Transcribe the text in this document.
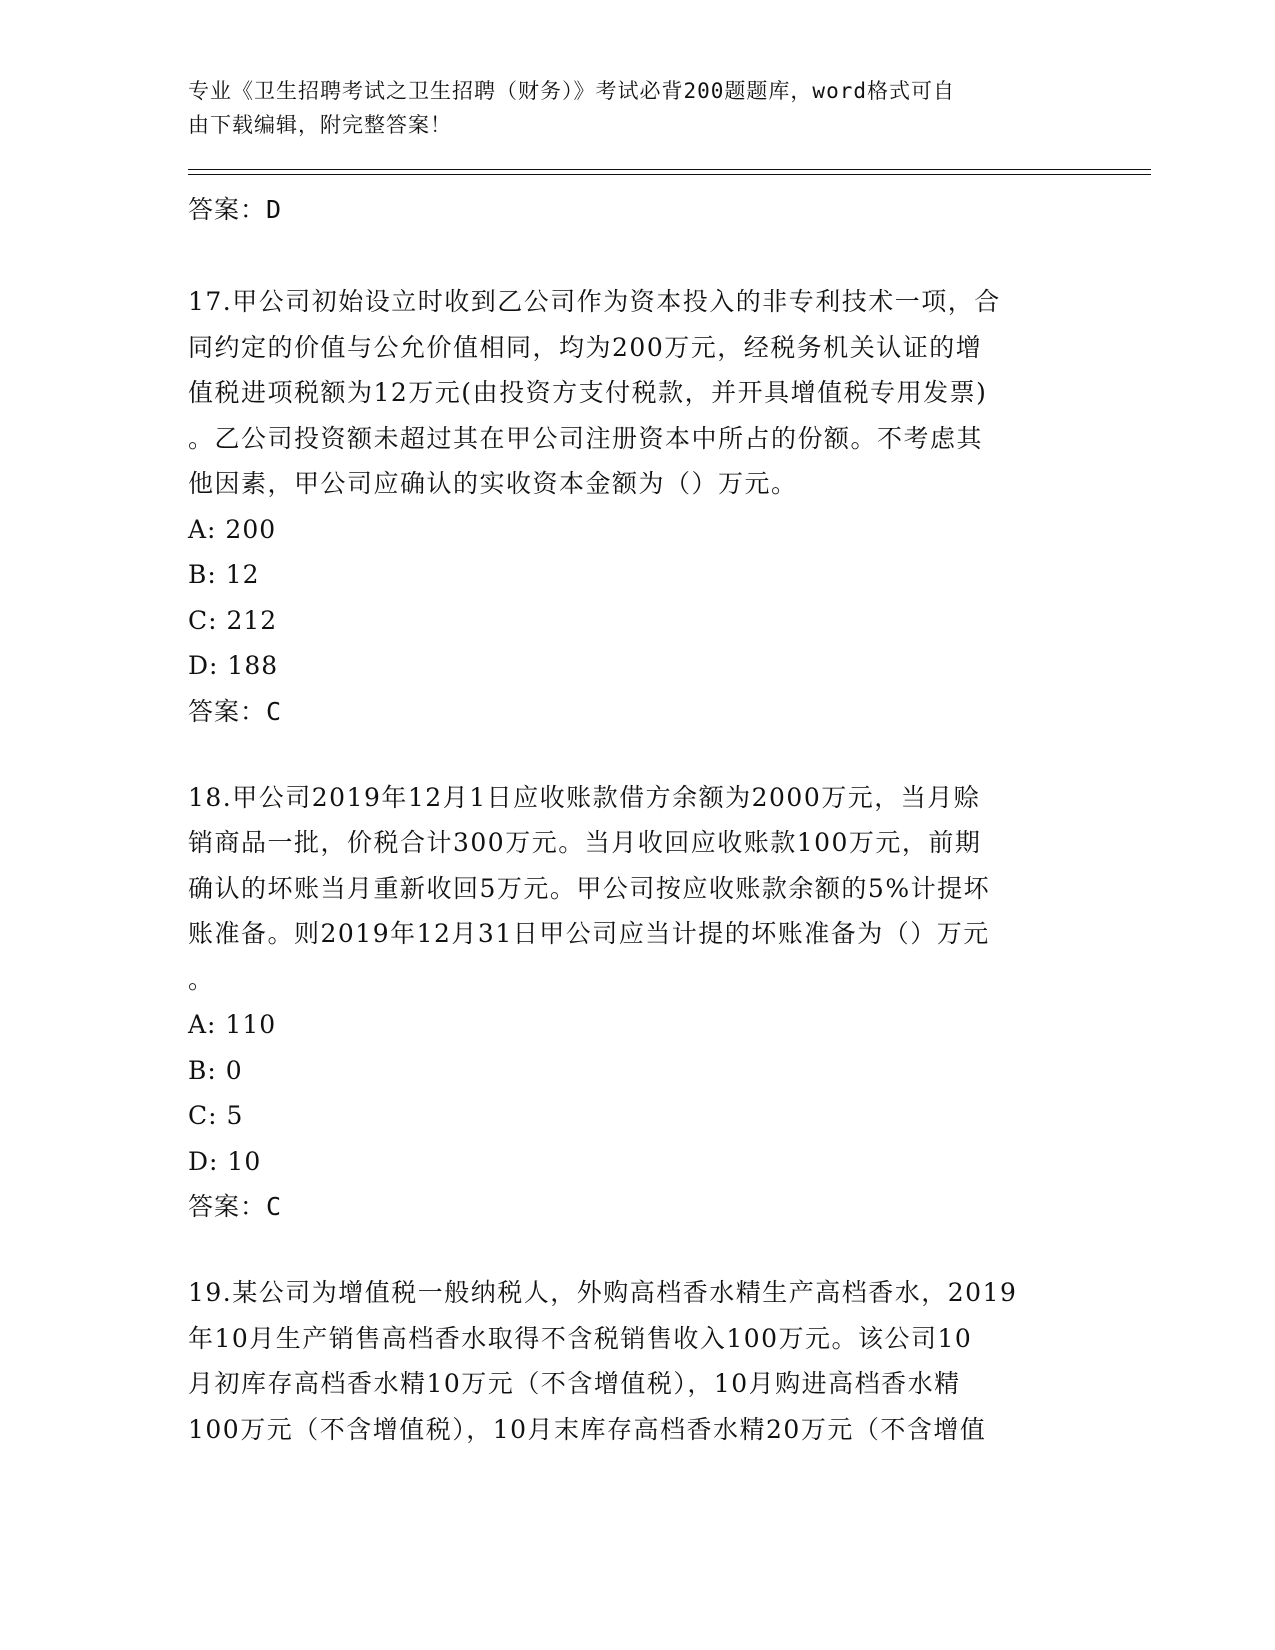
专业《卫生招聘考试之卫生招聘（财务）》考试必背200题题库，word格式可自
由下载编辑，附完整答案！
答案：D
17.甲公司初始设立时收到乙公司作为资本投入的非专利技术一项，合
同约定的价值与公允价值相同，均为200万元，经税务机关认证的增
值税进项税额为12万元(由投资方支付税款，并开具增值税专用发票)
。乙公司投资额未超过其在甲公司注册资本中所占的份额。不考虑其
他因素，甲公司应确认的实收资本金额为（）万元。
A: 200
B: 12
C: 212
D: 188
答案：C
18.甲公司2019年12月1日应收账款借方余额为2000万元，当月赊
销商品一批，价税合计300万元。当月收回应收账款100万元，前期
确认的坏账当月重新收回5万元。甲公司按应收账款余额的5%计提坏
账准备。则2019年12月31日甲公司应当计提的坏账准备为（）万元
。
A: 110
B: 0
C: 5
D: 10
答案：C
19.某公司为增值税一般纳税人，外购高档香水精生产高档香水，2019
年10月生产销售高档香水取得不含税销售收入100万元。该公司10
月初库存高档香水精10万元（不含增值税），10月购进高档香水精
100万元（不含增值税），10月末库存高档香水精20万元（不含增值
